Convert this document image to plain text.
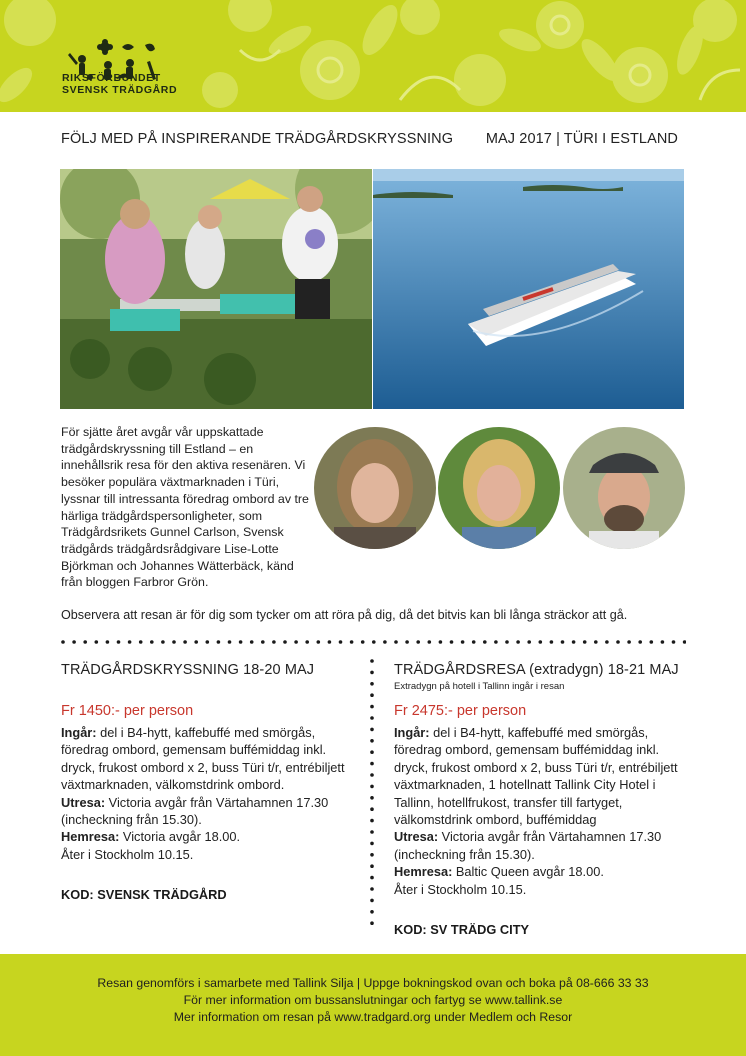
RIKSFÖRBUNDET
SVENSK TRÄDGÅRD
FÖLJ MED PÅ INSPIRERANDE TRÄDGÅRDSKRYSSNING MAJ 2017 | TÜRI I ESTLAND
För sjätte året avgår vår uppskattade trädgårdskryssning till Estland – en innehållsrik resa för den aktiva resenären. Vi besöker populära växtmarknaden i Türi, lyssnar till intressanta föredrag ombord av tre härliga trädgårdspersonligheter, som Trädgårdsrikets Gunnel Carlson, Svensk trädgårds trädgårdsrådgivare Lise-Lotte Björkman och Johannes Wätterbäck, känd från bloggen Farbror Grön.
Observera att resan är för dig som tycker om att röra på dig, då det bitvis kan bli långa sträckor att gå.
TRÄDGÅRDSKRYSSNING 18-20 MAJ
Fr 1450:- per person
Ingår: del i B4-hytt, kaffebuffé med smörgås, föredrag ombord, gemensam buffémiddag inkl. dryck, frukost ombord x 2, buss Türi t/r, entrébiljett växtmarknaden, välkomstdrink ombord.
Utresa: Victoria avgår från Värtahamnen 17.30 (incheckning från 15.30).
Hemresa: Victoria avgår 18.00.
Åter i Stockholm 10.15.
KOD: SVENSK TRÄDGÅRD
TRÄDGÅRDSRESA (extradygn) 18-21 MAJ
Extradygn på hotell i Tallinn ingår i resan
Fr 2475:- per person
Ingår: del i B4-hytt, kaffebuffé med smörgås, föredrag ombord, gemensam buffémiddag inkl. dryck, frukost ombord x 2, buss Türi t/r, entrébiljett växtmarknaden, 1 hotellnatt Tallink City Hotel i Tallinn, hotellfrukost, transfer till fartyget, välkomstdrink ombord, buffémiddag
Utresa: Victoria avgår från Värtahamnen 17.30 (incheckning från 15.30).
Hemresa: Baltic Queen avgår 18.00.
Åter i Stockholm 10.15.
KOD: SV TRÄDG CITY
Resan genomförs i samarbete med Tallink Silja | Uppge bokningskod ovan och boka på 08-666 33 33
För mer information om bussanslutningar och fartyg se www.tallink.se
Mer information om resan på www.tradgard.org under Medlem och Resor
